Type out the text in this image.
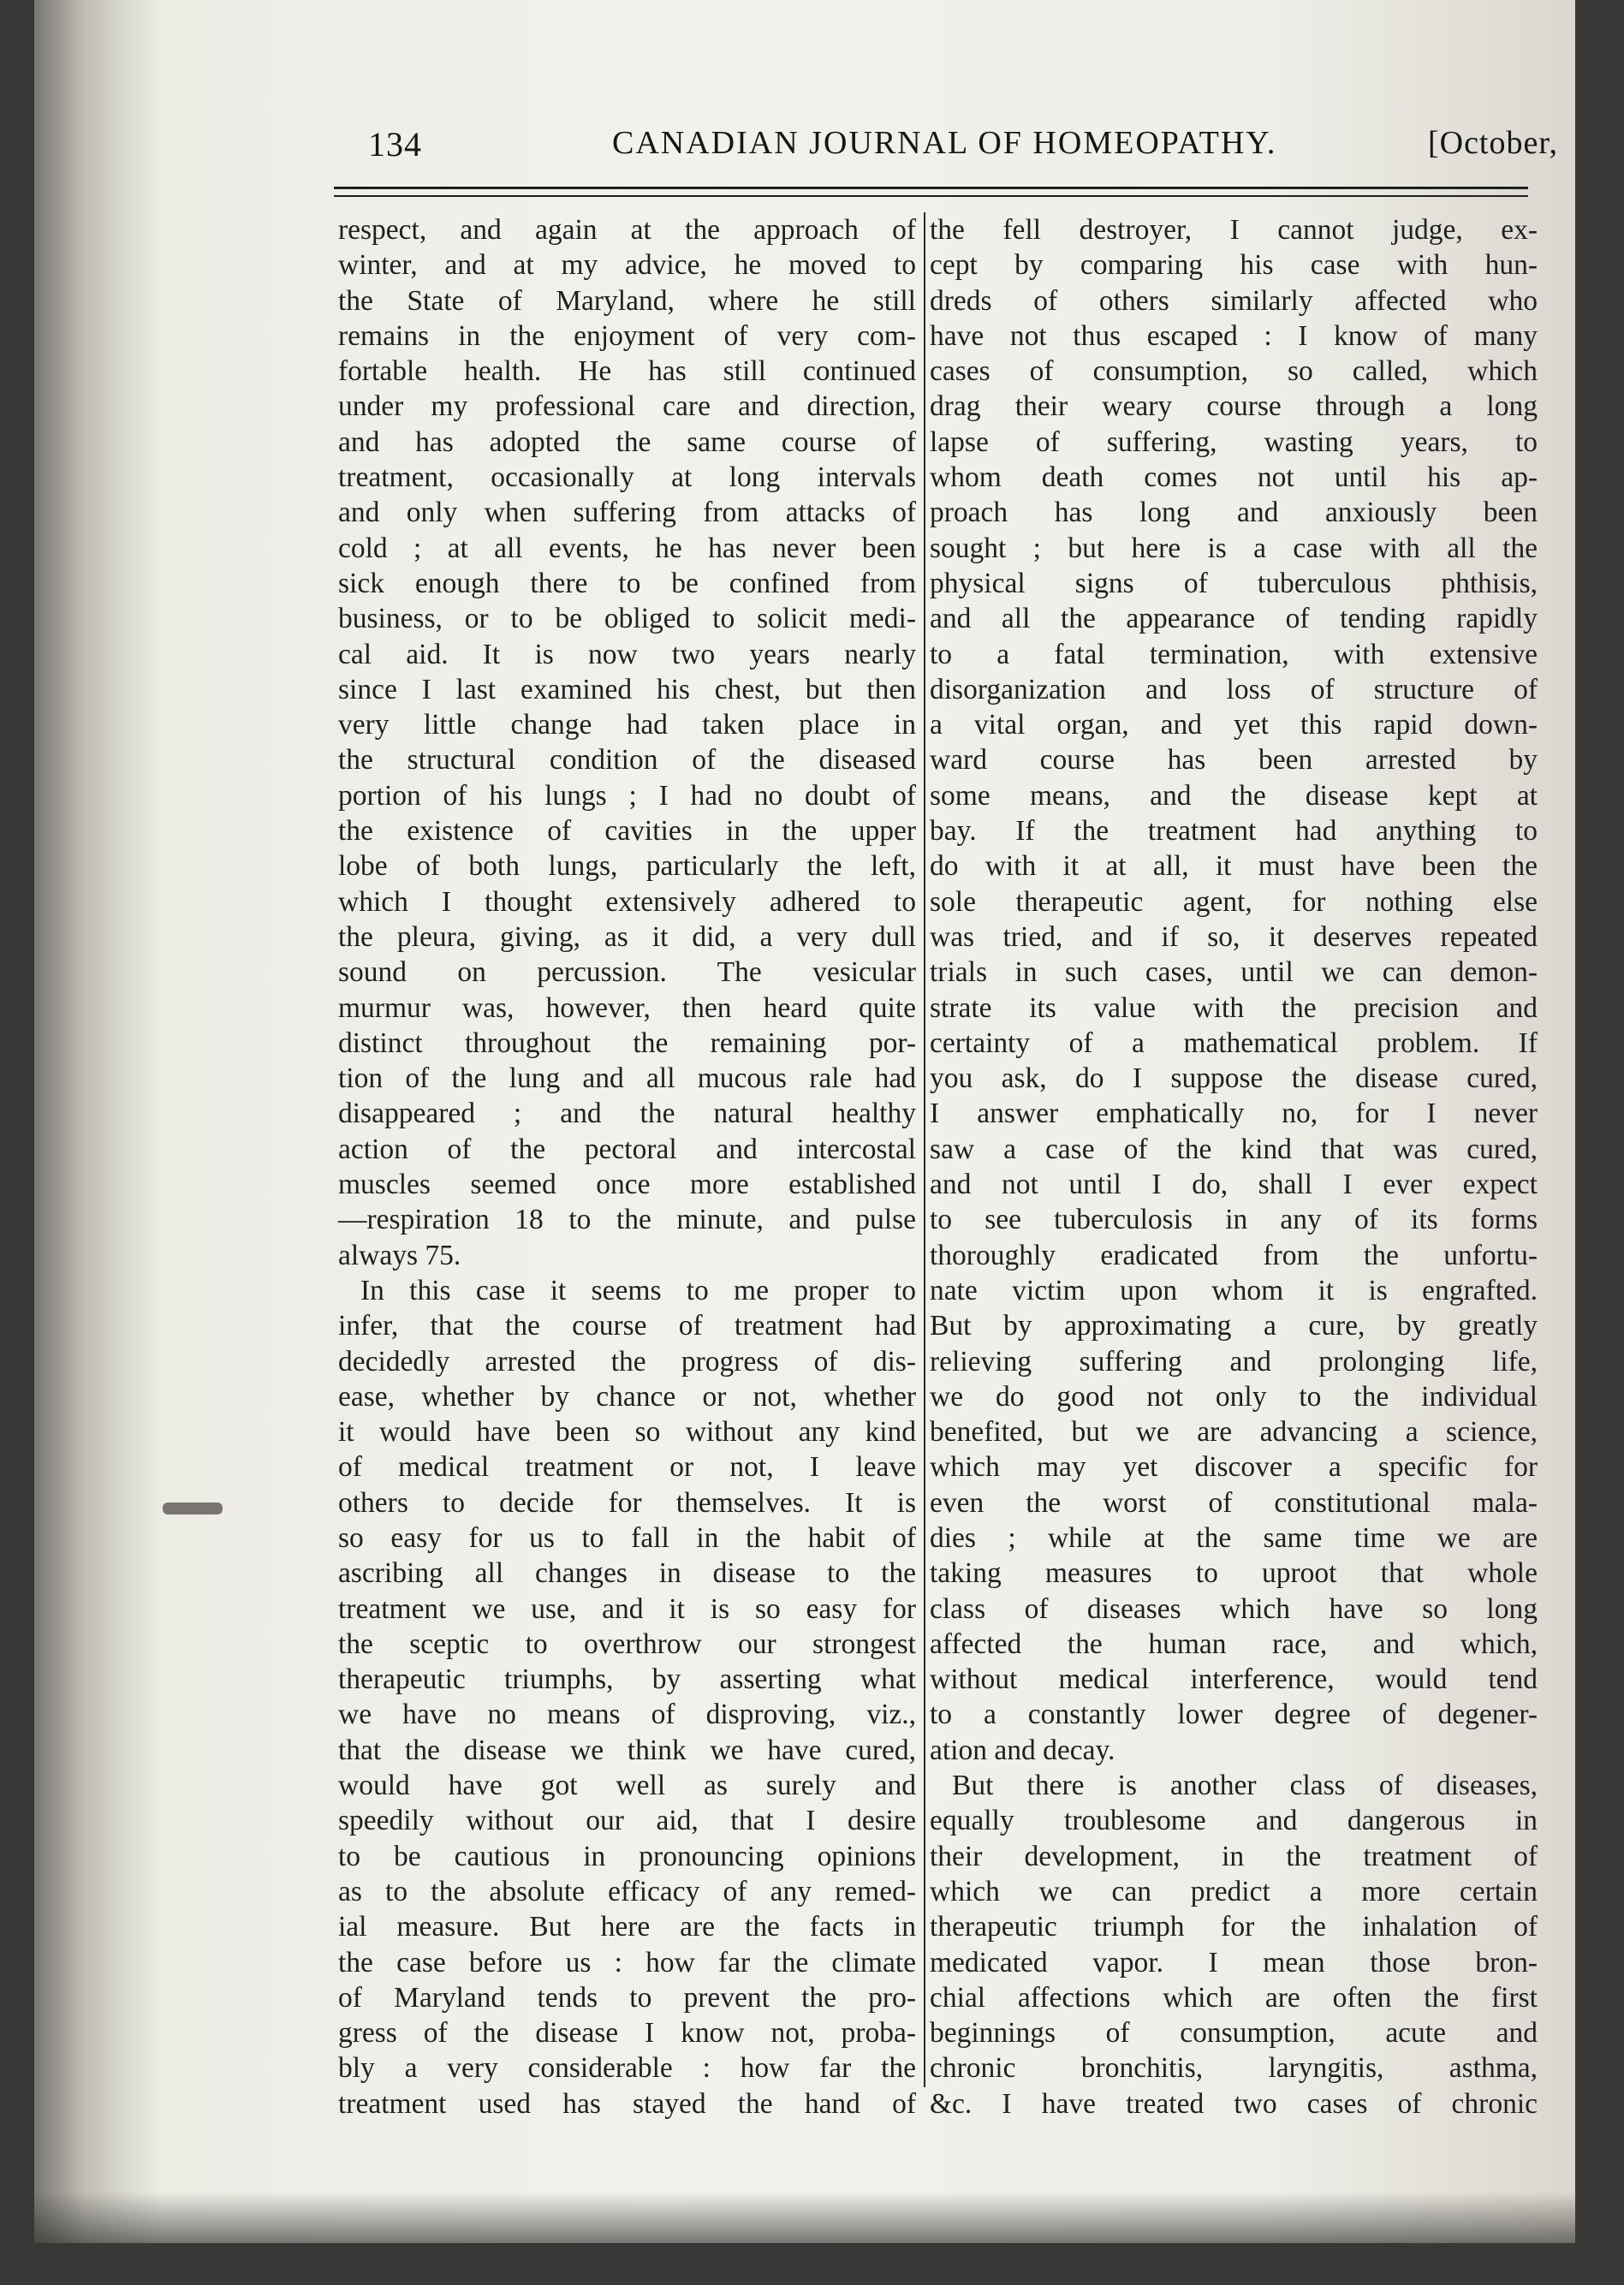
134	CANADIAN JOURNAL OF HOMEOPATHY.	[October,
respect, and again at the approach of
winter, and at my advice, he moved to
the State of Maryland, where he still
remains in the enjoyment of very com-
fortable health. He has still continued
under my professional care and direction,
and has adopted the same course of
treatment, occasionally at long intervals
and only when suffering from attacks of
cold ; at all events, he has never been
sick enough there to be confined from
business, or to be obliged to solicit medi-
cal aid. It is now two years nearly
since I last examined his chest, but then
very little change had taken place in
the structural condition of the diseased
portion of his lungs ; I had no doubt of
the existence of cavities in the upper
lobe of both lungs, particularly the left,
which I thought extensively adhered to
the pleura, giving, as it did, a very dull
sound on percussion. The vesicular
murmur was, however, then heard quite
distinct throughout the remaining por-
tion of the lung and all mucous rale had
disappeared ; and the natural healthy
action of the pectoral and intercostal
muscles seemed once more established
—respiration 18 to the minute, and pulse
always 75.
In this case it seems to me proper to
infer, that the course of treatment had
decidedly arrested the progress of dis-
ease, whether by chance or not, whether
it would have been so without any kind
of medical treatment or not, I leave
others to decide for themselves. It is
so easy for us to fall in the habit of
ascribing all changes in disease to the
treatment we use, and it is so easy for
the sceptic to overthrow our strongest
therapeutic triumphs, by asserting what
we have no means of disproving, viz.,
that the disease we think we have cured,
would have got well as surely and
speedily without our aid, that I desire
to be cautious in pronouncing opinions
as to the absolute efficacy of any remed-
ial measure. But here are the facts in
the case before us : how far the climate
of Maryland tends to prevent the pro-
gress of the disease I know not, proba-
bly a very considerable : how far the
treatment used has stayed the hand of
the fell destroyer, I cannot judge, ex-
cept by comparing his case with hun-
dreds of others similarly affected who
have not thus escaped : I know of many
cases of consumption, so called, which
drag their weary course through a long
lapse of suffering, wasting years, to
whom death comes not until his ap-
proach has long and anxiously been
sought ; but here is a case with all the
physical signs of tuberculous phthisis,
and all the appearance of tending rapidly
to a fatal termination, with extensive
disorganization and loss of structure of
a vital organ, and yet this rapid down-
ward course has been arrested by
some means, and the disease kept at
bay. If the treatment had anything to
do with it at all, it must have been the
sole therapeutic agent, for nothing else
was tried, and if so, it deserves repeated
trials in such cases, until we can demon-
strate its value with the precision and
certainty of a mathematical problem. If
you ask, do I suppose the disease cured,
I answer emphatically no, for I never
saw a case of the kind that was cured,
and not until I do, shall I ever expect
to see tuberculosis in any of its forms
thoroughly eradicated from the unfortu-
nate victim upon whom it is engrafted.
But by approximating a cure, by greatly
relieving suffering and prolonging life,
we do good not only to the individual
benefited, but we are advancing a science,
which may yet discover a specific for
even the worst of constitutional mala-
dies ; while at the same time we are
taking measures to uproot that whole
class of diseases which have so long
affected the human race, and which,
without medical interference, would tend
to a constantly lower degree of degener-
ation and decay.
But there is another class of diseases,
equally troublesome and dangerous in
their development, in the treatment of
which we can predict a more certain
therapeutic triumph for the inhalation of
medicated vapor. I mean those bron-
chial affections which are often the first
beginnings of consumption, acute and
chronic bronchitis, laryngitis, asthma,
&c. I have treated two cases of chronic
